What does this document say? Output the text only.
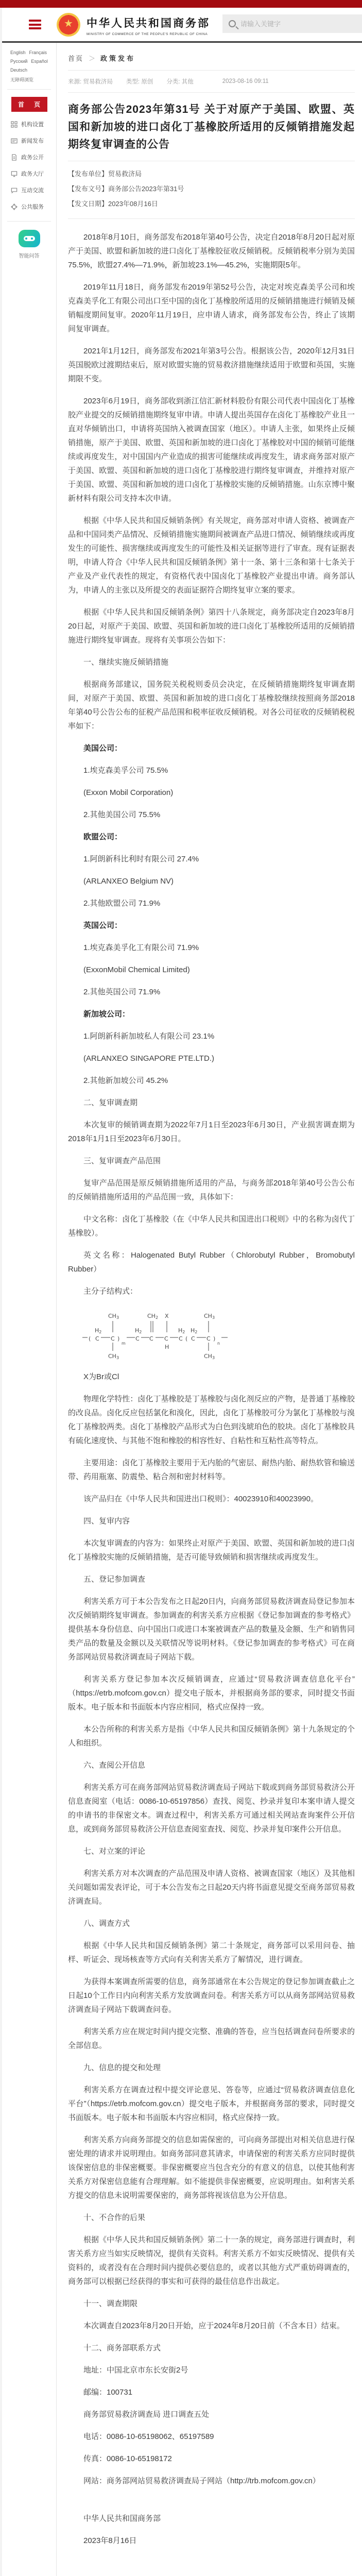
★ 中华人民共和国商务部
MINISTRY OF COMMERCE OF THE PEOPLE'S REPUBLIC OF CHINA
请输入关键字
English Français
Русский Español
Deutsch
无障碍浏览
首 页
机构设置
新闻发布
政务公开
政务大厅
互动交流
公共服务

智能问答

首页 ＞ 政策发布
来源: 贸易救济局 类型: 原创 分类: 其他	2023-08-16 09:11
商务部公告2023年第31号 关于对原产于美国、欧盟、英国和新加坡的进口卤化丁基橡胶所适用的反倾销措施发起期终复审调查的公告

【发布单位】贸易救济局

【发布文号】商务部公告2023年第31号

【发文日期】2023年08月16日

2018年8月10日，商务部发布2018年第40号公告，决定自2018年8月20日起对原产于美国、欧盟和新加坡的进口卤化丁基橡胶征收反倾销税。反倾销税率分别为美国75.5%，欧盟27.4%—71.9%，新加坡23.1%—45.2%，实施期限5年。

2019年11月18日，商务部发布2019年第52号公告，决定对埃克森美孚公司和埃克森美孚化工有限公司出口至中国的卤化丁基橡胶所适用的反倾销措施进行倾销及倾销幅度期间复审。2020年11月19日，应申请人请求，商务部发布公告，终止了该期间复审调查。

2021年1月12日，商务部发布2021年第3号公告。根据该公告，2020年12月31日英国脱欧过渡期结束后，原对欧盟实施的贸易救济措施继续适用于欧盟和英国，实施期限不变。

2023年6月19日，商务部收到浙江信汇新材料股份有限公司代表中国卤化丁基橡胶产业提交的反倾销措施期终复审申请。申请人提出英国存在卤化丁基橡胶产业且一直对华倾销出口，申请将英国纳入被调查国家（地区）。申请人主张，如果终止反倾销措施，原产于美国、欧盟、英国和新加坡的进口卤化丁基橡胶对中国的倾销可能继续或再度发生，对中国国内产业造成的损害可能继续或再度发生，请求商务部对原产于美国、欧盟、英国和新加坡的进口卤化丁基橡胶进行期终复审调查，并维持对原产于美国、欧盟、英国和新加坡的进口卤化丁基橡胶实施的反倾销措施。山东京博中聚新材料有限公司支持本次申请。

根据《中华人民共和国反倾销条例》有关规定，商务部对申请人资格、被调查产品和中国同类产品情况、反倾销措施实施期间被调查产品进口情况、倾销继续或再度发生的可能性、损害继续或再度发生的可能性及相关证据等进行了审查。现有证据表明，申请人符合《中华人民共和国反倾销条例》第十一条、第十三条和第十七条关于产业及产业代表性的规定，有资格代表中国卤化丁基橡胶产业提出申请。商务部认为，申请人的主张以及所提交的表面证据符合期终复审立案的要求。

根据《中华人民共和国反倾销条例》第四十八条规定，商务部决定自2023年8月20日起，对原产于美国、欧盟、英国和新加坡的进口卤化丁基橡胶所适用的反倾销措施进行期终复审调查。现将有关事项公告如下：

一、继续实施反倾销措施

根据商务部建议，国务院关税税则委员会决定，在反倾销措施期终复审调查期间，对原产于美国、欧盟、英国和新加坡的进口卤化丁基橡胶继续按照商务部2018年第40号公告公布的征税产品范围和税率征收反倾销税。对各公司征收的反倾销税税率如下：

美国公司：

1.埃克森美孚公司 75.5%

(Exxon Mobil Corporation)

2.其他美国公司 75.5%

欧盟公司：

1.阿朗新科比利时有限公司 27.4%

(ARLANXEO Belgium NV)

2.其他欧盟公司 71.9%

英国公司：

1.埃克森美孚化工有限公司 71.9%

(ExxonMobil Chemical Limited)

2.其他英国公司 71.9%

新加坡公司：

1.阿朗新科新加坡私人有限公司 23.1%

(ARLANXEO SINGAPORE PTE.LTD.)

2.其他新加坡公司 45.2%

二、复审调查期

本次复审的倾销调查期为2022年7月1日至2023年6月30日，产业损害调查期为2018年1月1日至2023年6月30日。

三、复审调查产品范围

复审产品范围是原反倾销措施所适用的产品，与商务部2018年第40号公告公布的反倾销措施所适用的产品范围一致，具体如下：

中文名称：卤化丁基橡胶（在《中华人民共和国进出口税则》中的名称为卤代丁基橡胶）。

英文名称：Halogenated Butyl Rubber（Chlorobutyl Rubber，Bromobutyl Rubber）

主分子结构式：

(
H2
C
CH3
C
CH3
)
m
H2
C
CH2
C
X
C
H
H2
C (
H2
C
CH3
C
CH3
)
n

X为Br或Cl

物理化学特性：卤化丁基橡胶是丁基橡胶与卤化剂反应的产物，是普通丁基橡胶的改良品。卤化反应包括氯化和溴化，因此，卤化丁基橡胶可分为氯化丁基橡胶与溴化丁基橡胶两类。卤化丁基橡胶产品形式为白色到浅琥珀色的胶块。卤化丁基橡胶具有硫化速度快、与其他不饱和橡胶的相容性好、自粘性和互粘性高等特点。

主要用途：卤化丁基橡胶主要用于无内胎的气密层、耐热内胎、耐热软管和输送带、药用瓶塞、防震垫、粘合剂和密封材料等。

该产品归在《中华人民共和国进出口税则》：40023910和40023990。

四、复审内容

本次复审调查的内容为：如果终止对原产于美国、欧盟、英国和新加坡的进口卤化丁基橡胶实施的反倾销措施，是否可能导致倾销和损害继续或再度发生。

五、登记参加调查

利害关系方可于本公告发布之日起20日内，向商务部贸易救济调查局登记参加本次反倾销期终复审调查。参加调查的利害关系方应根据《登记参加调查的参考格式》提供基本身份信息、向中国出口或进口本案被调查产品的数量及金额、生产和销售同类产品的数量及金额以及关联情况等说明材料。《登记参加调查的参考格式》可在商务部网站贸易救济调查局子网站下载。

利害关系方登记参加本次反倾销调查，应通过“贸易救济调查信息化平台”（https://etrb.mofcom.gov.cn）提交电子版本，并根据商务部的要求，同时提交书面版本。电子版本和书面版本内容应相同，格式应保持一致。

本公告所称的利害关系方是指《中华人民共和国反倾销条例》第十九条规定的个人和组织。

六、查阅公开信息

利害关系方可在商务部网站贸易救济调查局子网站下载或到商务部贸易救济公开信息查阅室（电话：0086-10-65197856）查找、阅览、抄录并复印本案申请人提交的申请书的非保密文本。调查过程中，利害关系方可通过相关网站查询案件公开信息，或到商务部贸易救济公开信息查阅室查找、阅览、抄录并复印案件公开信息。

七、对立案的评论

利害关系方对本次调查的产品范围及申请人资格、被调查国家（地区）及其他相关问题如需发表评论，可于本公告发布之日起20天内将书面意见提交至商务部贸易救济调查局。

八、调查方式

根据《中华人民共和国反倾销条例》第二十条规定，商务部可以采用问卷、抽样、听证会、现场核查等方式向有关利害关系方了解情况，进行调查。

为获得本案调查所需要的信息，商务部通常在本公告规定的登记参加调查截止之日起10个工作日内向利害关系方发放调查问卷。利害关系方可以从商务部网站贸易救济调查局子网站下载调查问卷。

利害关系方应在规定时间内提交完整、准确的答卷，应当包括调查问卷所要求的全部信息。

九、信息的提交和处理

利害关系方在调查过程中提交评论意见、答卷等，应通过“贸易救济调查信息化平台”（https://etrb.mofcom.gov.cn）提交电子版本，并根据商务部的要求，同时提交书面版本。电子版本和书面版本内容应相同，格式应保持一致。

利害关系方向商务部提交的信息如需保密的，可向商务部提出对相关信息进行保密处理的请求并说明理由。如商务部同意其请求，申请保密的利害关系方应同时提供该保密信息的非保密概要。非保密概要应当包含充分的有意义的信息，以使其他利害关系方对保密信息能有合理理解。如不能提供非保密概要，应说明理由。如利害关系方提交的信息未说明需要保密的，商务部将视该信息为公开信息。

十、不合作的后果

根据《中华人民共和国反倾销条例》第二十一条的规定，商务部进行调查时，利害关系方应当如实反映情况，提供有关资料。利害关系方不如实反映情况、提供有关资料的，或者没有在合理时间内提供必要信息的，或者以其他方式严重妨碍调查的，商务部可以根据已经获得的事实和可获得的最佳信息作出裁定。

十一、调查期限

本次调查自2023年8月20日开始，应于2024年8月20日前（不含本日）结束。

十二、商务部联系方式

地址：中国北京市东长安街2号

邮编：100731

商务部贸易救济调查局 进口调查五处

电话：0086-10-65198062、65197589

传真：0086-10-65198172

网站：商务部网站贸易救济调查局子网站（http://trb.mofcom.gov.cn）

中华人民共和国商务部

2023年8月16日
